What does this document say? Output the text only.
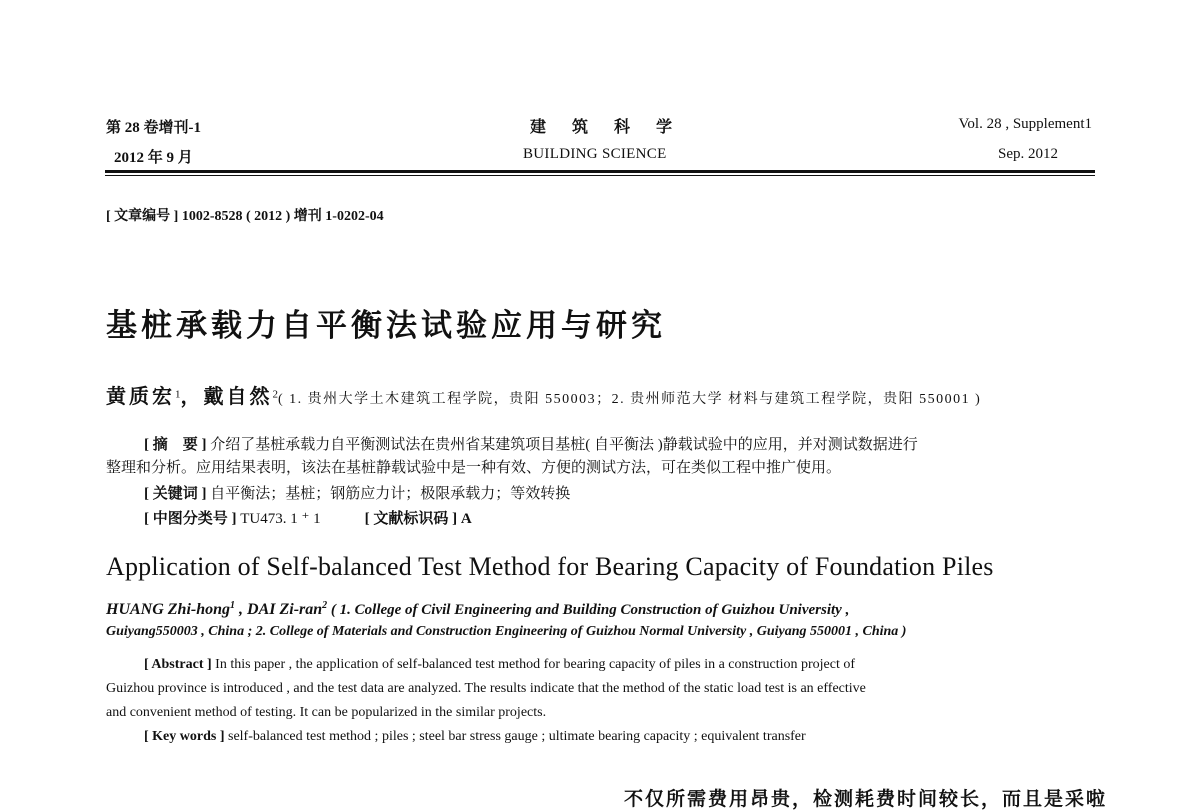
第 28 卷增刊-1
2012 年 9 月
建筑科学
BUILDING SCIENCE
Vol. 28 , Supplement1
Sep. 2012
[ 文章编号 ] 1002-8528 ( 2012 ) 增刊 1-0202-04
基桩承载力自平衡法试验应用与研究
黄质宏$^1$，戴自然$^2$( 1. 贵州大学土木建筑工程学院，贵阳 550003；2. 贵州师范大学 材料与建筑工程学院，贵阳 550001 )
[ 摘　要 ] 介绍了基桩承载力自平衡测试法在贵州省某建筑项目基桩( 自平衡法 )静载试验中的应用，并对测试数据进行
整理和分析。应用结果表明，该法在基桩静载试验中是一种有效、方便的测试方法，可在类似工程中推广使用。
[ 关键词 ] 自平衡法；基桩；钢筋应力计；极限承载力；等效转换
[ 中图分类号 ] TU473. 1 ⁺ 1	[ 文献标识码 ] A
Application of Self-balanced Test Method for Bearing Capacity of Foundation Piles
HUANG Zhi-hong$^1$ , DAI Zi-ran$^2$ ( 1. College of Civil Engineering and Building Construction of Guizhou University ,
Guiyang550003 , China ; 2. College of Materials and Construction Engineering of Guizhou Normal University , Guiyang 550001 , China )
[ Abstract ] In this paper , the application of self-balanced test method for bearing capacity of piles in a construction project of
Guizhou province is introduced , and the test data are analyzed. The results indicate that the method of the static load test is an effective
and convenient method of testing. It can be popularized in the similar projects.
[ Key words ] self-balanced test method ; piles ; steel bar stress gauge ; ultimate bearing capacity ; equivalent transfer
不仅所需费用昂贵，检测耗费时间较长，而且是采啦
